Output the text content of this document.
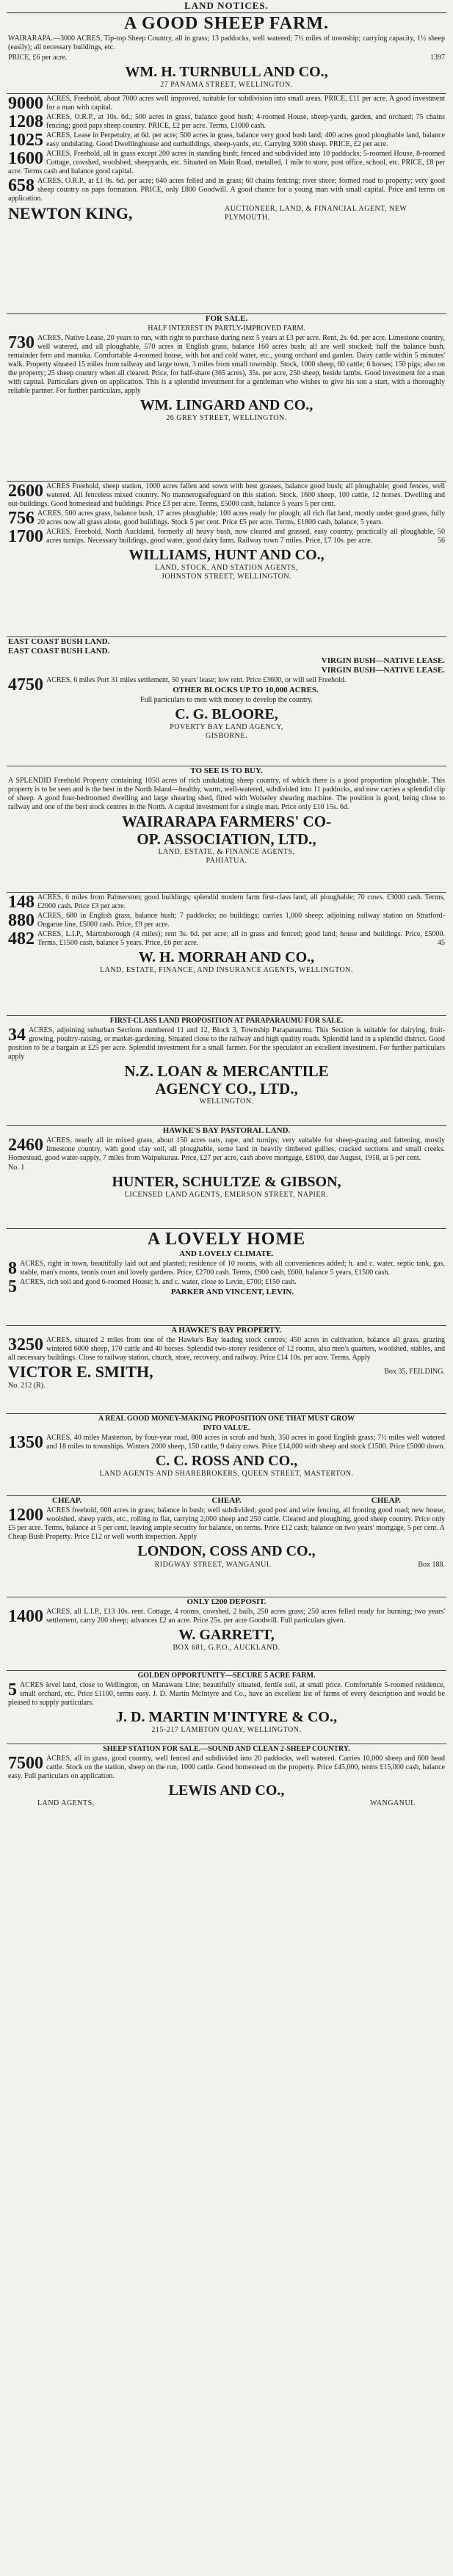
LAND NOTICES.
A GOOD SHEEP FARM.
WAIRARAPA.—3000 ACRES, Tip-top Sheep Country, all in grass; 13 paddocks, well watered; 7½ miles of township; carrying capacity, 1½ sheep (easily); all necessary buildings, etc.
PRICE, £6 per acre.	1397
WM. H. TURNBULL AND CO.,
27 PANAMA STREET, WELLINGTON.
9000 ACRES, Freehold, about 7000 acres well improved, suitable for subdivision into small areas. PRICE, £11 per acre. A good investment for a man with capital.
1208 ACRES, O.R.P., at 10s. 6d.; 500 acres in grass, balance good bush; 4-roomed House, sheep-yards, garden, and orchard; 75 chains fencing; good paps sheep country. PRICE, £2 per acre. Terms, £1000 cash.
1025 ACRES, Lease in Perpetuity, at 6d. per acre; 500 acres in grass, balance very good bush land; 400 acres good ploughable land, balance easy undulating. Good Dwellinghouse and outbuildings, sheep-yards, etc. Carrying 3000 sheep. PRICE, £2 per acre.
1600 ACRES, Freehold, all in grass except 200 acres in standing bush; fenced and subdivided into 10 paddocks; 5-roomed House, 8-roomed Cottage, cowshed, woolshed, sheepyards, etc. Situated on Main Road, metalled, 1 mile to store, post office, school, etc. PRICE, £8 per acre. Terms cash and balance good capital.
658 ACRES, O.R.P., at £1 8s. 6d. per acre; 640 acres felled and in grass; 60 chains fencing; river shore; formed road to property; very good sheep country on paps formation. PRICE, only £800 Goodwill. A good chance for a young man with small capital. Price and terms on application.
NEWTON KING,	AUCTIONEER, LAND, & FINANCIAL AGENT, NEW PLYMOUTH.
FOR SALE.
HALF INTEREST IN PARTLY-IMPROVED FARM.
730 ACRES, Native Lease, 20 years to run, with right to purchase during next 5 years at £3 per acre. Rent, 2s. 6d. per acre. Limestone country, well watered, and all ploughable, 570 acres in English grass, balance 160 acres bush; all are well stocked; half the balance bush, remainder fern and manuka. Comfortable 4-roomed house, with hot and cold water, etc., young orchard and garden. Dairy cattle within 5 minutes' walk. Property situated 15 miles from railway and large town, 3 miles from small township. Stock, 1000 sheep, 60 cattle; 6 horses; 150 pigs; also on the property; 25 sheep country when all cleared. Price, for half-share (365 acres), 35s. per acre, 250 sheep, beside lambs. Good investment for a man with capital. Particulars given on application. This is a splendid investment for a gentleman who wishes to give his son a start, with a thoroughly reliable partner. For further particulars, apply
WM. LINGARD AND CO.,
26 GREY STREET, WELLINGTON.
2600 ACRES Freehold, sheep station, 1000 acres fallen and sown with best grasses, balance good bush; all ploughable; good fences, well watered. All fenceless mixed country. No mannerogsafeguard on this station. Stock, 1600 sheep, 100 cattle, 12 horses. Dwelling and out-buildings. Good homestead and buildings. Price £3 per acre. Terms, £5000 cash, balance 5 years 5 per cent.
756 ACRES, 500 acres grass, balance bush, 17 acres ploughable; 100 acres ready for plough; all rich flat land, mostly under good grass, fully 20 acres now all grass alone, good buildings. Stock 5 per cent. Price £5 per acre. Terms, £1800 cash, balance, 5 years.
1700 ACRES, Freehold, North Auckland, formerly all heavy bush, now cleared and grassed, easy country, practically all ploughable, 50 acres turnips. Necessary buildings, good water, good dairy farm. Railway town 7 miles. Price, £7 10s. per acre.	56
WILLIAMS, HUNT AND CO.,
LAND, STOCK, AND STATION AGENTS,
JOHNSTON STREET, WELLINGTON.
EAST COAST BUSH LAND.
EAST COAST BUSH LAND.
VIRGIN BUSH—NATIVE LEASE.
VIRGIN BUSH—NATIVE LEASE.
4750 ACRES, 6 miles Port 31 miles settlement, 50 years' lease; low rent. Price £3600, or will sell Freehold.
OTHER BLOCKS UP TO 10,000 ACRES.
Full particulars to men with money to develop the country.
C. G. BLOORE,
POVERTY BAY LAND AGENCY,
GISBORNE.
TO SEE IS TO BUY.
A SPLENDID Freehold Property containing 1050 acres of rich undulating sheep country, of which there is a good proportion ploughable. This property is to be seen and is the best in the North Island—healthy, warm, well-watered, subdivided into 11 paddocks, and now carries a splendid clip of sheep. A good four-bedroomed dwelling and large shearing shed, fitted with Wolseley shearing machine. The position is good, being close to railway and one of the best stock centres in the North. A capital investment for a single man. Price only £10 15s. 6d.
WAIRARAPA FARMERS' CO-
OP. ASSOCIATION, LTD.,
LAND, ESTATE, & FINANCE AGENTS,
PAHIATUA.
148 ACRES, 6 miles from Palmerston; good buildings; splendid modern farm first-class land, all ploughable; 70 cows. £3000 cash. Terms, £2000 cash. Price £3 per acre.
880 ACRES, 680 in English grass, balance bush; 7 paddocks; no buildings; carries 1,000 sheep; adjoining railway station on Stratford-Ongarue line, £5000 cash. Price, £9 per acre.
482 ACRES, L.I.P., Martinborough (4 miles); rent 3s. 6d. per acre; all in grass and fenced; good land; house and buildings. Price, £5000. Terms, £1500 cash, balance 5 years. Price, £6 per acre.	45
W. H. MORRAH AND CO.,
LAND, ESTATE, FINANCE, AND INSURANCE AGENTS, WELLINGTON.
FIRST-CLASS LAND PROPOSITION AT PARAPARAUMU FOR SALE.
34 ACRES, adjoining suburban Sections numbered 11 and 12, Block 3, Township Paraparaumu. This Section is suitable for dairying, fruit-growing, poultry-raising, or market-gardening. Situated close to the railway and high quality roads. Splendid land in a splendid district. Good position to be a bargain at £25 per acre. Splendid investment for a small farmer. For the speculator an excellent investment. For further particulars apply
N.Z. LOAN & MERCANTILE
AGENCY CO., LTD.,
WELLINGTON.
HAWKE'S BAY PASTORAL LAND.
2460 ACRES, nearly all in mixed grass, about 150 acres oats, rape, and turnips; very suitable for sheep-grazing and fattening, mostly limestone country, with good clay soil, all ploughable, some land in heavily timbered gullies, cracked sections and small creeks. Homestead, good water-supply, 7 miles from Waipukurau. Price, £27 per acre, cash above mortgage, £8100, due August, 1918, at 5 per cent.
No. 1
HUNTER, SCHULTZE & GIBSON,
LICENSED LAND AGENTS, EMERSON STREET, NAPIER.
A LOVELY HOME
AND LOVELY CLIMATE.
8 ACRES, right in town, beautifully laid out and planted; residence of 10 rooms, with all conveniences added; h. and c. water, septic tank, gas, stable, man's rooms, tennis court and lovely gardens. Price, £2700 cash. Terms, £900 cash, £600, balance 5 years, £1500 cash.
5 ACRES, rich soil and good 6-roomed House; h. and c. water, close to Levin, £700; £150 cash.
PARKER AND VINCENT, LEVIN.
A HAWKE'S BAY PROPERTY.
3250 ACRES, situated 2 miles from one of the Hawke's Bay leading stock centres; 450 acres in cultivation, balance all grass, grazing wintered 6000 sheep, 170 cattle and 40 horses. Splendid two-storey residence of 12 rooms, also men's quarters, woolshed, stables, and all necessary buildings. Close to railway station, church, store, recovery, and railway. Price £14 10s. per acre. Terms. Apply
VICTOR E. SMITH,	Box 35, FEILDING.
No. 212 (R).
A REAL GOOD MONEY-MAKING PROPOSITION ONE THAT MUST GROW
INTO VALUE.
1350 ACRES, 40 miles Masterton, by four-year road, 800 acres in scrub and bush, 350 acres in good English grass; 7½ miles well watered and 18 miles to townships. Winters 2000 sheep, 150 cattle, 9 dairy cows. Price £14,000 with sheep and stock £1500. Price £5000 down.
C. C. ROSS AND CO.,
LAND AGENTS AND SHAREBROKERS, QUEEN STREET, MASTERTON.
CHEAP.	CHEAP.	CHEAP.
1200 ACRES freehold, 600 acres in grass; balance in bush; well subdivided; good post and wire fencing, all fronting good road; new house, woolshed, sheep yards, etc., rolling to flat, carrying 2,000 sheep and 250 cattle. Cleared and ploughing, good sheep country. Price only £5 per acre. Terms, balance at 5 per cent, leaving ample security for balance, on terms. Price £12 cash; balance on two years' mortgage, 5 per cent. A Cheap Bush Property. Price £12 or well worth inspection. Apply
LONDON, COSS AND CO.,
RIDGWAY STREET, WANGANUI.	Box 188.
ONLY £200 DEPOSIT.
1400 ACRES, all L.I.P., £13 10s. rent. Cottage, 4 rooms, cowshed, 2 bails, 250 acres grass; 250 acres felled ready for burning; two years' settlement, carry 200 sheep; advances £2 an acre. Price 25s. per acre Goodwill. Full particulars given.
W. GARRETT,
BOX 681, G.P.O., AUCKLAND.
GOLDEN OPPORTUNITY—SECURE 5 ACRE FARM.
5 ACRES level land, close to Wellington, on Manawatu Line; beautifully situated, fertile soil, at small price. Comfortable 5-roomed residence, small orchard, etc. Price £1100, terms easy. J. D. Martin McIntyre and Co., have an excellent list of farms of every description and would be pleased to supply particulars.
J. D. MARTIN M'INTYRE & CO.,
215-217 LAMBTON QUAY, WELLINGTON.
SHEEP STATION FOR SALE.—SOUND AND CLEAN 2-SHEEP COUNTRY.
7500 ACRES, all in grass, good country, well fenced and subdivided into 20 paddocks, well watered. Carries 10,000 sheep and 600 head cattle. Stock on the station, sheep on the run, 1000 cattle. Good homestead on the property. Price £45,000, terms £15,000 cash, balance easy. Full particulars on application.
LEWIS AND CO.,
LAND AGENTS,	WANGANUI.
